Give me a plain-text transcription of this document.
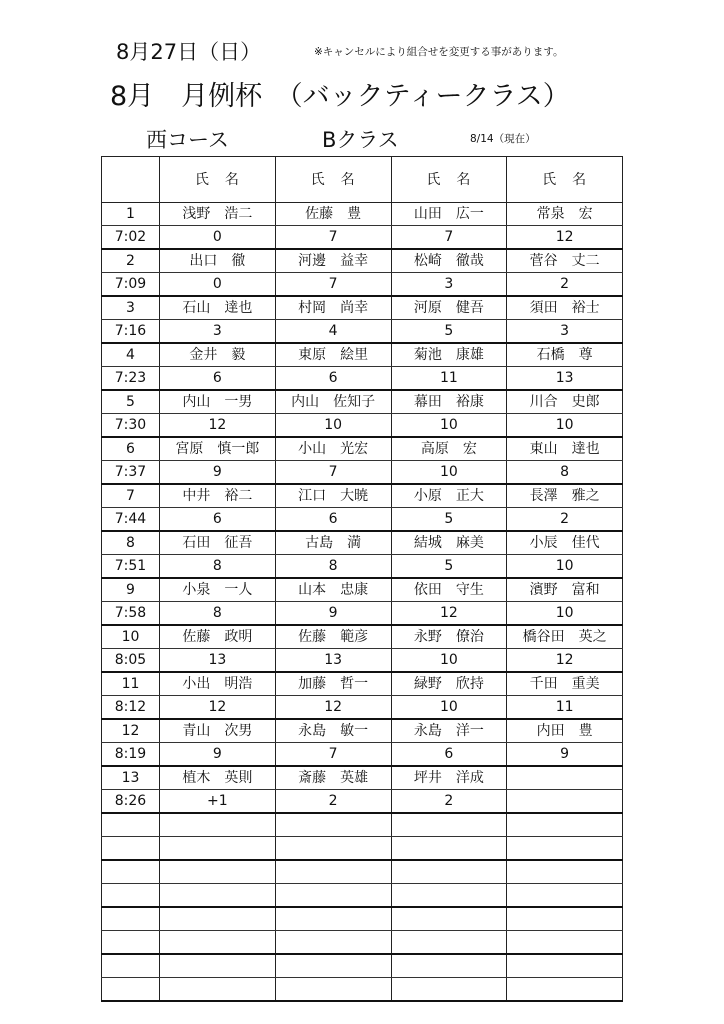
8月27日（日）	※キャンセルにより組合せを変更する事があります。
8月　月例杯　（バックティークラス）
西コース	Bクラス	8/14（現在）
	氏　名	氏　名	氏　名	氏　名
1	浅野　浩二	佐藤　豊	山田　広一	常泉　宏
7:02	0	7	7	12
2	出口　徹	河邊　益幸	松崎　徹哉	菅谷　丈二
7:09	0	7	3	2
3	石山　達也	村岡　尚幸	河原　健吾	須田　裕士
7:16	3	4	5	3
4	金井　毅	東原　絵里	菊池　康雄	石橋　尊
7:23	6	6	11	13
5	内山　一男	内山　佐知子	幕田　裕康	川合　史郎
7:30	12	10	10	10
6	宮原　慎一郎	小山　光宏	高原　宏	東山　達也
7:37	9	7	10	8
7	中井　裕二	江口　大暁	小原　正大	長澤　雅之
7:44	6	6	5	2
8	石田　征吾	古島　満	結城　麻美	小辰　佳代
7:51	8	8	5	10
9	小泉　一人	山本　忠康	依田　守生	濱野　富和
7:58	8	9	12	10
10	佐藤　政明	佐藤　範彦	永野　僚治	橋谷田　英之
8:05	13	13	10	12
11	小出　明浩	加藤　哲一	緑野　欣持	千田　重美
8:12	12	12	10	11
12	青山　次男	永島　敏一	永島　洋一	内田　豊
8:19	9	7	6	9
13	植木　英則	斎藤　英雄	坪井　洋成	
8:26	+1	2	2	
